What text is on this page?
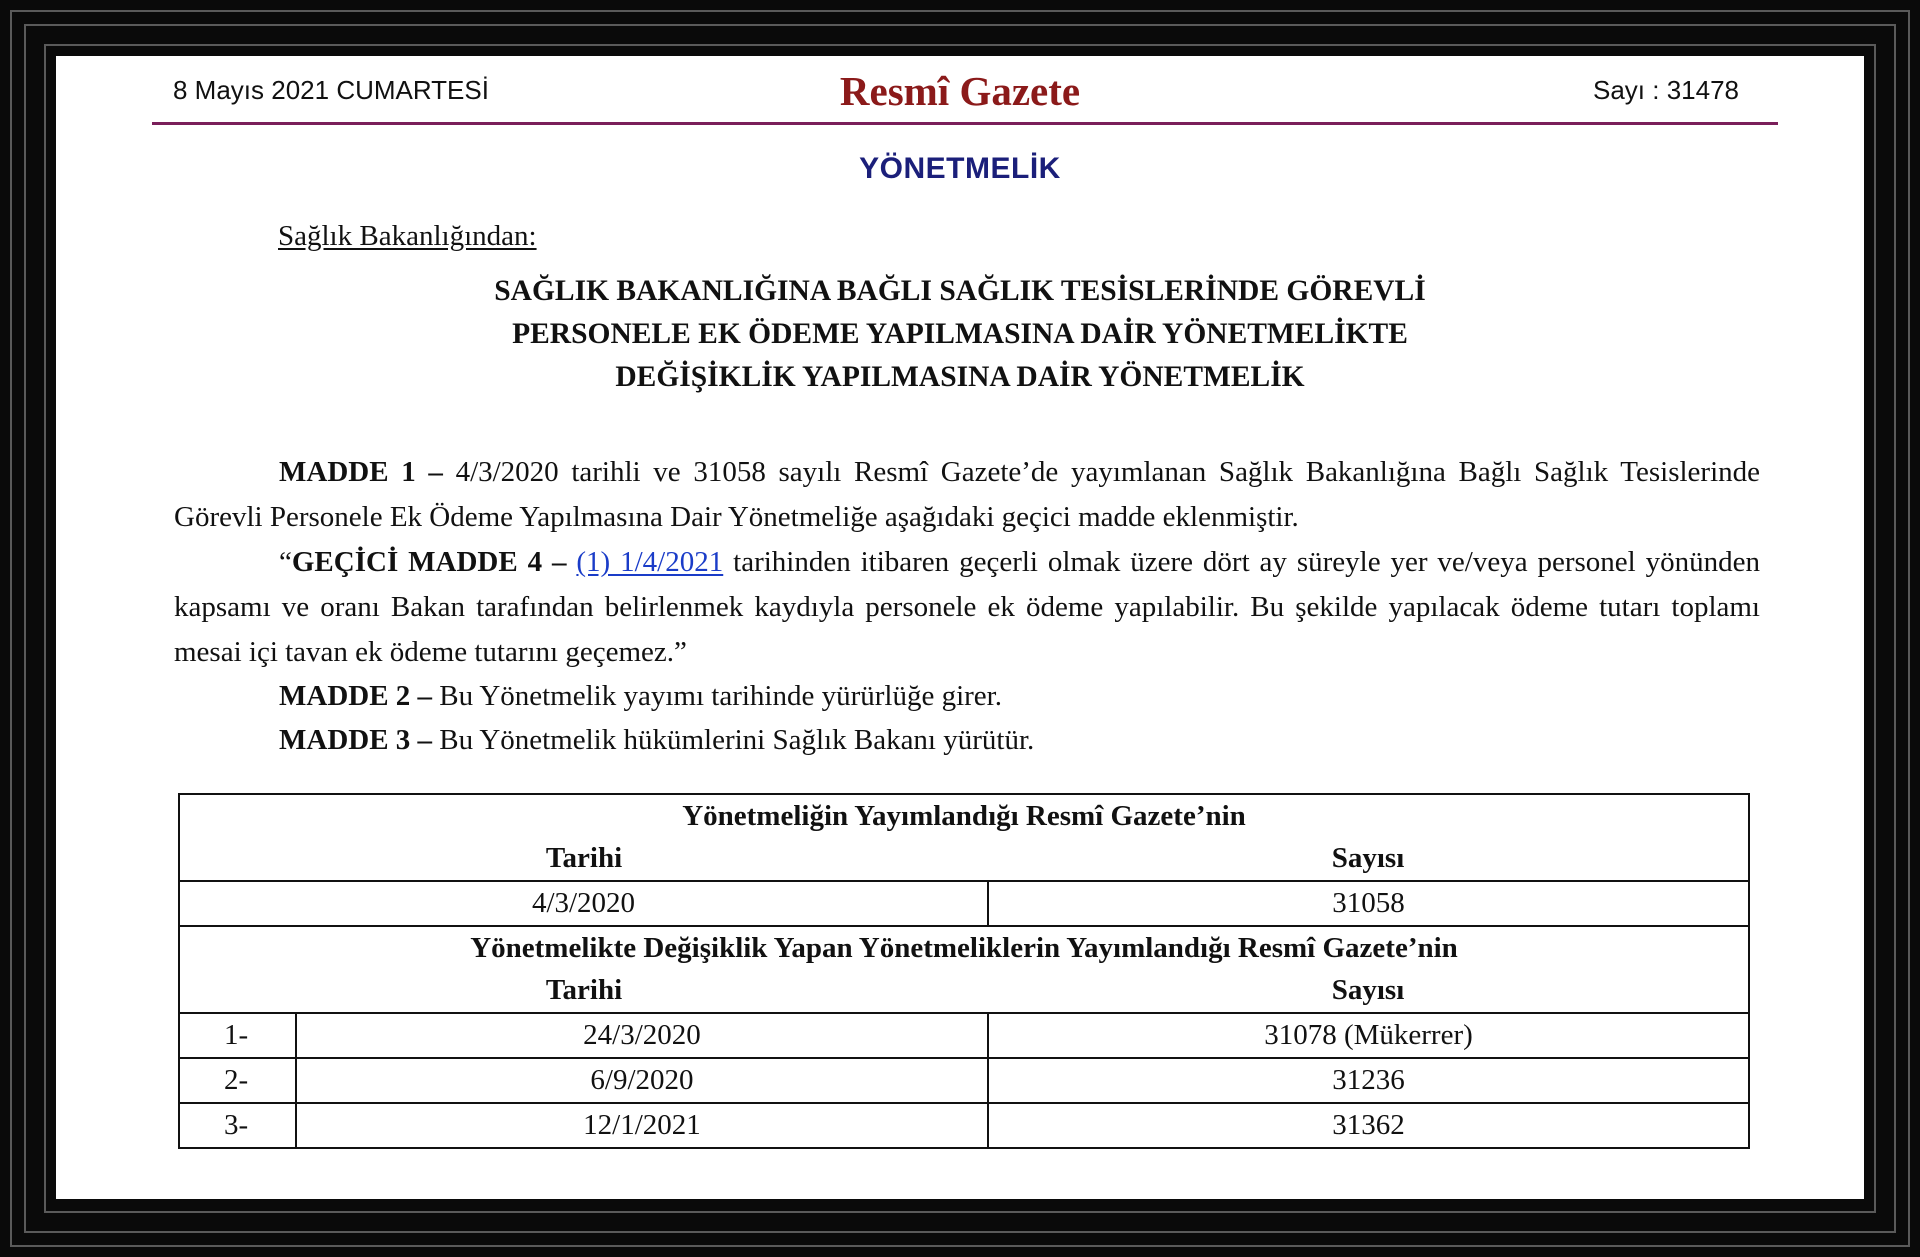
8 Mayıs 2021 CUMARTESİ	Resmî Gazete	Sayı : 31478
YÖNETMELİK
Sağlık Bakanlığından:
SAĞLIK BAKANLIĞINA BAĞLI SAĞLIK TESİSLERİNDE GÖREVLİ
PERSONELE EK ÖDEME YAPILMASINA DAİR YÖNETMELİKTE
DEĞİŞİKLİK YAPILMASINA DAİR YÖNETMELİK
MADDE 1 – 4/3/2020 tarihli ve 31058 sayılı Resmî Gazete’de yayımlanan Sağlık Bakanlığına Bağlı Sağlık Tesislerinde Görevli Personele Ek Ödeme Yapılmasına Dair Yönetmeliğe aşağıdaki geçici madde eklenmiştir.
“GEÇİCİ MADDE 4 – (1) 1/4/2021 tarihinden itibaren geçerli olmak üzere dört ay süreyle yer ve/veya personel yönünden kapsamı ve oranı Bakan tarafından belirlenmek kaydıyla personele ek ödeme yapılabilir. Bu şekilde yapılacak ödeme tutarı toplamı mesai içi tavan ek ödeme tutarını geçemez.”
MADDE 2 – Bu Yönetmelik yayımı tarihinde yürürlüğe girer.
MADDE 3 – Bu Yönetmelik hükümlerini Sağlık Bakanı yürütür.
Yönetmeliğin Yayımlandığı Resmî Gazete’nin		
Tarihi		Sayısı
4/3/2020		31058
Yönetmelikte Değişiklik Yapan Yönetmeliklerin Yayımlandığı Resmî Gazete’nin		
Tarihi		Sayısı
1-	24/3/2020	31078 (Mükerrer)
2-	6/9/2020	31236
3-	12/1/2021	31362
